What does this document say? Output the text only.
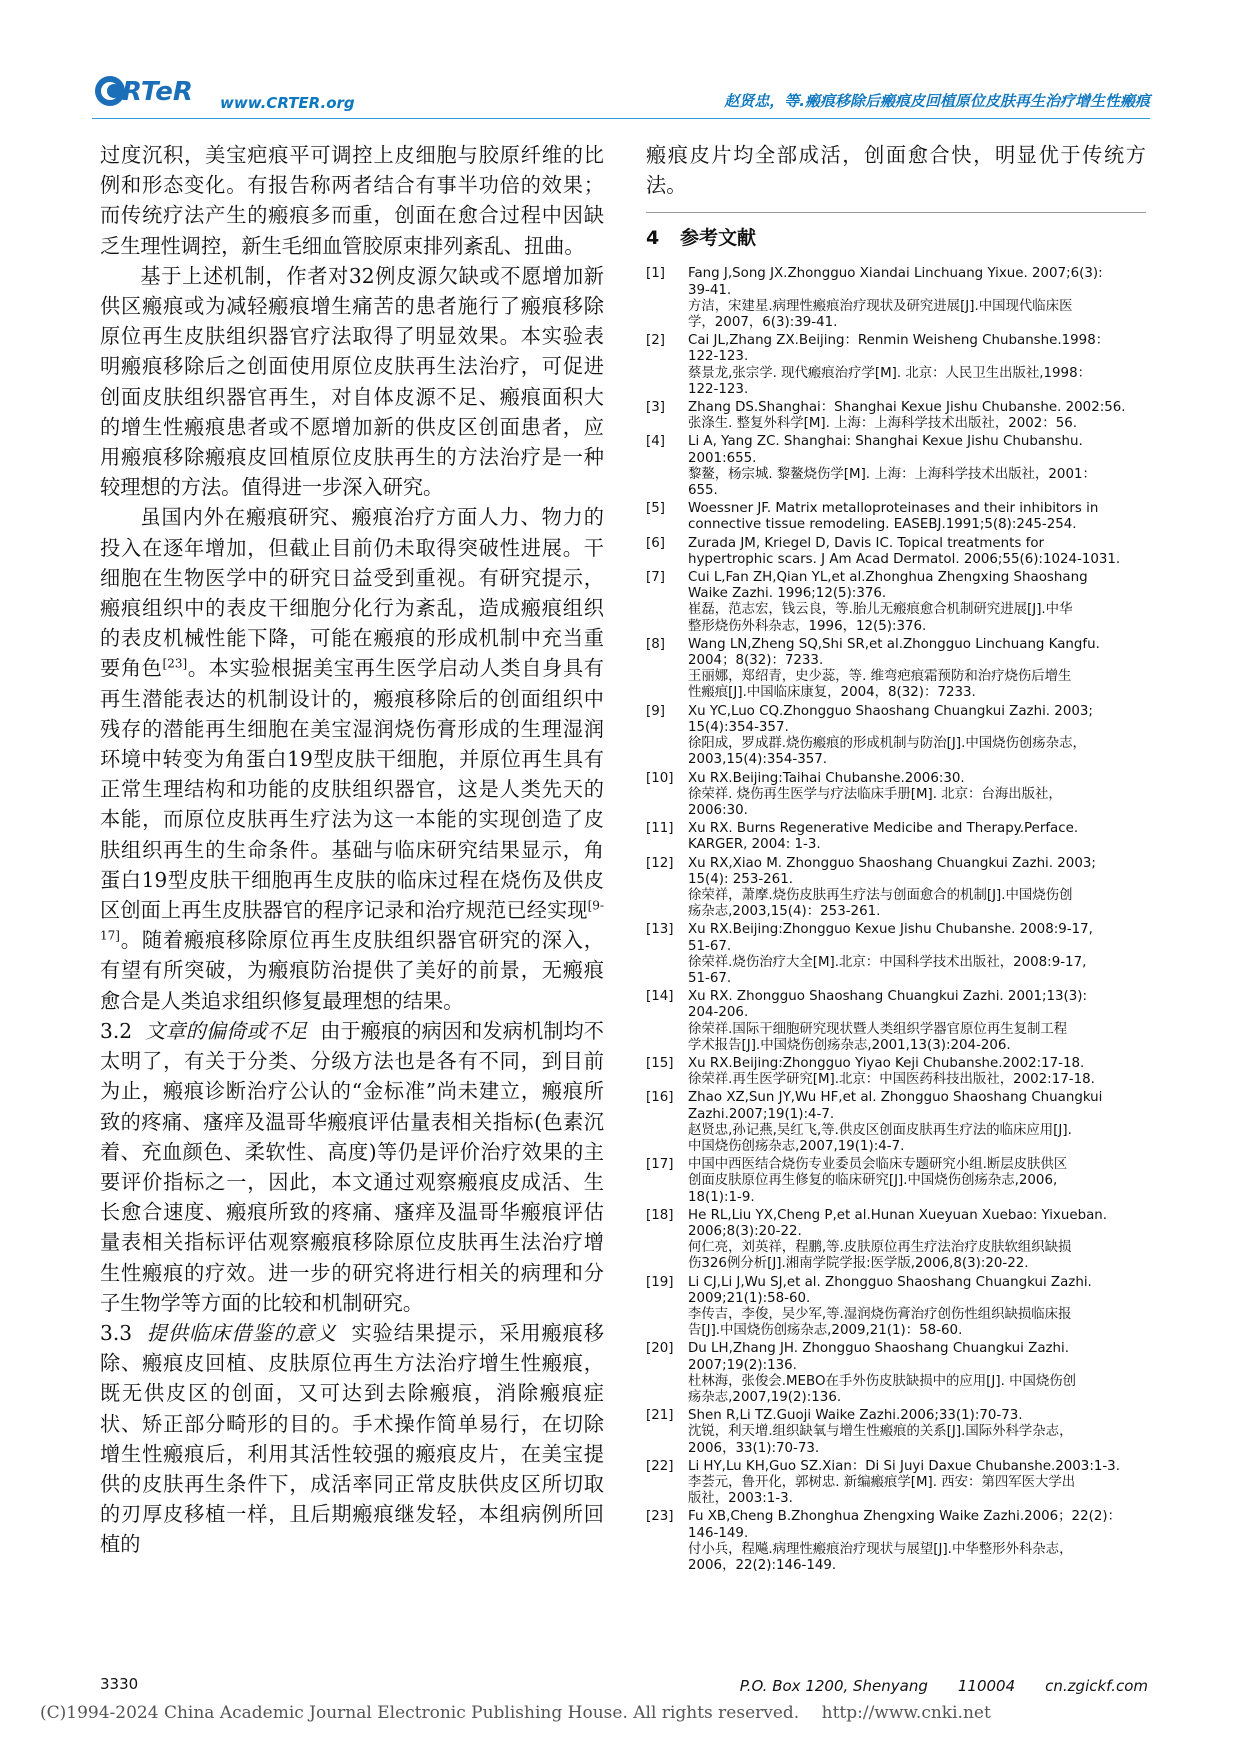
RTeR www.CRTER.org	赵贤忠，等.瘢痕移除后瘢痕皮回植原位皮肤再生治疗增生性瘢痕

过度沉积，美宝疤痕平可调控上皮细胞与胶原纤维的比例和形态变化。有报告称两者结合有事半功倍的效果；而传统疗法产生的瘢痕多而重，创面在愈合过程中因缺乏生理性调控，新生毛细血管胶原束排列紊乱、扭曲。

基于上述机制，作者对32例皮源欠缺或不愿增加新供区瘢痕或为减轻瘢痕增生痛苦的患者施行了瘢痕移除原位再生皮肤组织器官疗法取得了明显效果。本实验表明瘢痕移除后之创面使用原位皮肤再生法治疗，可促进创面皮肤组织器官再生，对自体皮源不足、瘢痕面积大的增生性瘢痕患者或不愿增加新的供皮区创面患者，应用瘢痕移除瘢痕皮回植原位皮肤再生的方法治疗是一种较理想的方法。值得进一步深入研究。

虽国内外在瘢痕研究、瘢痕治疗方面人力、物力的投入在逐年增加，但截止目前仍未取得突破性进展。干细胞在生物医学中的研究日益受到重视。有研究提示，瘢痕组织中的表皮干细胞分化行为紊乱，造成瘢痕组织的表皮机械性能下降，可能在瘢痕的形成机制中充当重要角色[23]。本实验根据美宝再生医学启动人类自身具有再生潜能表达的机制设计的，瘢痕移除后的创面组织中残存的潜能再生细胞在美宝湿润烧伤膏形成的生理湿润环境中转变为角蛋白19型皮肤干细胞，并原位再生具有正常生理结构和功能的皮肤组织器官，这是人类先天的本能，而原位皮肤再生疗法为这一本能的实现创造了皮肤组织再生的生命条件。基础与临床研究结果显示，角蛋白19型皮肤干细胞再生皮肤的临床过程在烧伤及供皮区创面上再生皮肤器官的程序记录和治疗规范已经实现[9-17]。随着瘢痕移除原位再生皮肤组织器官研究的深入，有望有所突破，为瘢痕防治提供了美好的前景，无瘢痕愈合是人类追求组织修复最理想的结果。

3.2 文章的偏倚或不足 由于瘢痕的病因和发病机制均不太明了，有关于分类、分级方法也是各有不同，到目前为止，瘢痕诊断治疗公认的“金标准”尚未建立，瘢痕所致的疼痛、瘙痒及温哥华瘢痕评估量表相关指标(色素沉着、充血颜色、柔软性、高度)等仍是评价治疗效果的主要评价指标之一，因此，本文通过观察瘢痕皮成活、生长愈合速度、瘢痕所致的疼痛、瘙痒及温哥华瘢痕评估量表相关指标评估观察瘢痕移除原位皮肤再生法治疗增生性瘢痕的疗效。进一步的研究将进行相关的病理和分子生物学等方面的比较和机制研究。

3.3 提供临床借鉴的意义 实验结果提示，采用瘢痕移除、瘢痕皮回植、皮肤原位再生方法治疗增生性瘢痕，既无供皮区的创面，又可达到去除瘢痕，消除瘢痕症状、矫正部分畸形的目的。手术操作简单易行，在切除增生性瘢痕后，利用其活性较强的瘢痕皮片，在美宝提供的皮肤再生条件下，成活率同正常皮肤供皮区所切取的刃厚皮移植一样，且后期瘢痕继发轻，本组病例所回植的

瘢痕皮片均全部成活，创面愈合快，明显优于传统方法。

4 参考文献
[1]	Fang J,Song JX.Zhongguo Xiandai Linchuang Yixue. 2007;6(3):
39-41.
方洁，宋建星.病理性瘢痕治疗现状及研究进展[J].中国现代临床医
学，2007，6(3):39-41.
[2]	Cai JL,Zhang ZX.Beijing：Renmin Weisheng Chubanshe.1998：
122-123.
蔡景龙,张宗学. 现代瘢痕治疗学[M]. 北京：人民卫生出版社,1998：
122-123.
[3]	Zhang DS.Shanghai：Shanghai Kexue Jishu Chubanshe. 2002:56.
张涤生. 整复外科学[M]. 上海：上海科学技术出版社，2002：56.
[4]	Li A, Yang ZC. Shanghai: Shanghai Kexue Jishu Chubanshu.
2001:655.
黎鳌，杨宗城. 黎鳌烧伤学[M]. 上海：上海科学技术出版社，2001：
655.
[5]	Woessner JF. Matrix metalloproteinases and their inhibitors in
connective tissue remodeling. EASEBJ.1991;5(8):245-254.
[6]	Zurada JM, Kriegel D, Davis IC. Topical treatments for
hypertrophic scars. J Am Acad Dermatol. 2006;55(6):1024-1031.
[7]	Cui L,Fan ZH,Qian YL,et al.Zhonghua Zhengxing Shaoshang
Waike Zazhi. 1996;12(5):376.
崔磊，范志宏，钱云良，等.胎儿无瘢痕愈合机制研究进展[J].中华
整形烧伤外科杂志，1996，12(5):376.
[8]	Wang LN,Zheng SQ,Shi SR,et al.Zhongguo Linchuang Kangfu.
2004；8(32)：7233.
王丽娜，郑绍青，史少蕊，等. 维弯疤痕霜预防和治疗烧伤后增生
性瘢痕[J].中国临床康复，2004，8(32)：7233.
[9]	Xu YC,Luo CQ.Zhongguo Shaoshang Chuangkui Zazhi. 2003;
15(4):354-357.
徐阳成，罗成群.烧伤瘢痕的形成机制与防治[J].中国烧伤创疡杂志，
2003,15(4):354-357.
[10]	Xu RX.Beijing:Taihai Chubanshe.2006:30.
徐荣祥. 烧伤再生医学与疗法临床手册[M]. 北京：台海出版社，
2006:30.
[11]	Xu RX. Burns Regenerative Medicibe and Therapy.Perface.
KARGER, 2004: 1-3.
[12]	Xu RX,Xiao M. Zhongguo Shaoshang Chuangkui Zazhi. 2003;
15(4): 253-261.
徐荣祥，萧摩.烧伤皮肤再生疗法与创面愈合的机制[J].中国烧伤创
疡杂志,2003,15(4)：253-261.
[13]	Xu RX.Beijing:Zhongguo Kexue Jishu Chubanshe. 2008:9-17,
51-67.
徐荣祥.烧伤治疗大全[M].北京：中国科学技术出版社，2008:9-17,
51-67.
[14]	Xu RX. Zhongguo Shaoshang Chuangkui Zazhi. 2001;13(3):
204-206.
徐荣祥.国际干细胞研究现状暨人类组织学器官原位再生复制工程
学术报告[J].中国烧伤创疡杂志,2001,13(3):204-206.
[15]	Xu RX.Beijing:Zhongguo Yiyao Keji Chubanshe.2002:17-18.
徐荣祥.再生医学研究[M].北京：中国医药科技出版社，2002:17-18.
[16]	Zhao XZ,Sun JY,Wu HF,et al. Zhongguo Shaoshang Chuangkui
Zazhi.2007;19(1):4-7.
赵贤忠,孙记燕,吴红飞,等.供皮区创面皮肤再生疗法的临床应用[J].
中国烧伤创疡杂志,2007,19(1):4-7.
[17]	中国中西医结合烧伤专业委员会临床专题研究小组.断层皮肤供区
创面皮肤原位再生修复的临床研究[J].中国烧伤创疡杂志,2006,
18(1):1-9.
[18]	He RL,Liu YX,Cheng P,et al.Hunan Xueyuan Xuebao: Yixueban.
2006;8(3):20-22.
何仁亮，刘英祥，程鹏,等.皮肤原位再生疗法治疗皮肤软组织缺损
伤326例分析[J].湘南学院学报:医学版,2006,8(3):20-22.
[19]	Li CJ,Li J,Wu SJ,et al. Zhongguo Shaoshang Chuangkui Zazhi.
2009;21(1):58-60.
李传吉，李俊，吴少军,等.湿润烧伤膏治疗创伤性组织缺损临床报
告[J].中国烧伤创疡杂志,2009,21(1)：58-60.
[20]	Du LH,Zhang JH. Zhongguo Shaoshang Chuangkui Zazhi.
2007;19(2):136.
杜林海，张俊会.MEBO在手外伤皮肤缺损中的应用[J]. 中国烧伤创
疡杂志,2007,19(2):136.
[21]	Shen R,Li TZ.Guoji Waike Zazhi.2006;33(1):70-73.
沈锐，利天增.组织缺氧与增生性瘢痕的关系[J].国际外科学杂志，
2006，33(1):70-73.
[22]	Li HY,Lu KH,Guo SZ.Xian：Di Si Juyi Daxue Chubanshe.2003:1-3.
李荟元，鲁开化，郭树忠. 新编瘢痕学[M]. 西安：第四军医大学出
版社，2003:1-3.
[23]	Fu XB,Cheng B.Zhonghua Zhengxing Waike Zazhi.2006；22(2)：
146-149.
付小兵，程飚.病理性瘢痕治疗现状与展望[J].中华整形外科杂志，
2006，22(2):146-149.
3330	P.O. Box 1200, Shenyang　　110004　　cn.zgickf.com
(C)1994-2024 China Academic Journal Electronic Publishing House. All rights reserved.　 http://www.cnki.net
